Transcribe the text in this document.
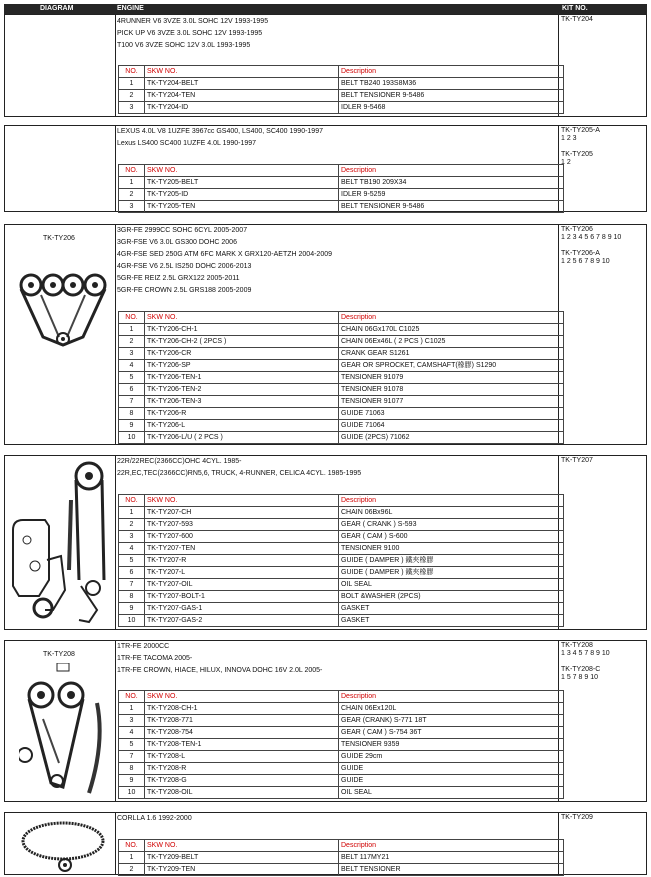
DIAGRAM	ENGINE	KIT NO.
4RUNNER V6 3VZE 3.0L SOHC 12V 1993-1995
PICK UP V6 3VZE 3.0L SOHC 12V 1993-1995
T100 V6 3VZE SOHC 12V 3.0L 1993-1995
TK-TY204
NO.	SKW NO.	Description
1	TK-TY204-BELT	BELT TB240 193S8M36
2	TK-TY204-TEN	BELT TENSIONER 9-5486
3	TK-TY204-ID	IDLER 9-5468
LEXUS 4.0L V8 1UZFE 3967cc GS400, LS400, SC400 1990-1997
Lexus LS400 SC400 1UZFE 4.0L 1990-1997
TK-TY205-A
1 2 3
TK-TY205
1 2
NO.	SKW NO.	Description
1	TK-TY205-BELT	BELT TB190 209X34
2	TK-TY205-ID	IDLER 9-5259
3	TK-TY205-TEN	BELT TENSIONER 9-5486
TK-TY206
3GR-FE 2999CC SOHC 6CYL 2005-2007
3GR-FSE V6 3.0L GS300 DOHC 2006
4GR-FSE SED 250G ATM 6FC MARK X GRX120-AETZH 2004-2009
4GR-FSE V6 2.5L IS250 DOHC 2006-2013
5GR-FE REIZ 2.5L GRX122 2005-2011
5GR-FE CROWN 2.5L GRS188 2005-2009
TK-TY206
1 2 3 4 5 6 7 8 9 10
TK-TY206-A
1 2 5 6 7 8 9 10
NO.	SKW NO.	Description
1	TK-TY206-CH-1	CHAIN 06Gx170L C1025
2	TK-TY206-CH-2 ( 2PCS )	CHAIN 06Ex46L ( 2 PCS ) C1025
3	TK-TY206-CR	CRANK GEAR S1261
4	TK-TY206-SP	GEAR OR SPROCKET, CAMSHAFT(橡膠) S1290
5	TK-TY206-TEN-1	TENSIONER 91079
6	TK-TY206-TEN-2	TENSIONER 91078
7	TK-TY206-TEN-3	TENSIONER 91077
8	TK-TY206-R	GUIDE 71063
9	TK-TY206-L	GUIDE 71064
10	TK-TY206-L/U ( 2 PCS )	GUIDE (2PCS) 71062
22R/22REC(2366CC)OHC 4CYL. 1985-
22R,EC,TEC(2366CC)RN5,6, TRUCK, 4-RUNNER, CELICA 4CYL. 1985-1995
TK-TY207
NO.	SKW NO.	Description
1	TK-TY207-CH	CHAIN 06Bx96L
2	TK-TY207-593	GEAR ( CRANK ) S-593
3	TK-TY207-600	GEAR ( CAM ) S-600
4	TK-TY207-TEN	TENSIONER 9100
5	TK-TY207-R	GUIDE ( DAMPER ) 鐵夾橡膠
6	TK-TY207-L	GUIDE ( DAMPER ) 鐵夾橡膠
7	TK-TY207-OIL	OIL SEAL
8	TK-TY207-BOLT-1	BOLT &WASHER (2PCS)
9	TK-TY207-GAS-1	GASKET
10	TK-TY207-GAS-2	GASKET
TK-TY208
1TR-FE 2000CC
1TR-FE TACOMA 2005-
1TR-FE CROWN, HIACE, HILUX, INNOVA DOHC 16V 2.0L 2005-
TK-TY208
1 3 4 5 7 8 9 10
TK-TY208-C
1 5 7 8 9 10
NO.	SKW NO.	Description
1	TK-TY208-CH-1	CHAIN 06Ex120L
3	TK-TY208-771	GEAR (CRANK) S-771 18T
4	TK-TY208-754	GEAR ( CAM ) S-754 36T
5	TK-TY208-TEN-1	TENSIONER 9359
7	TK-TY208-L	GUIDE 29cm
8	TK-TY208-R	GUIDE
9	TK-TY208-G	GUIDE
10	TK-TY208-OIL	OIL SEAL
CORLLA 1.6 1992-2000	TK-TY209
NO.	SKW NO.	Description
1	TK-TY209-BELT	BELT 117MY21
2	TK-TY209-TEN	BELT TENSIONER
